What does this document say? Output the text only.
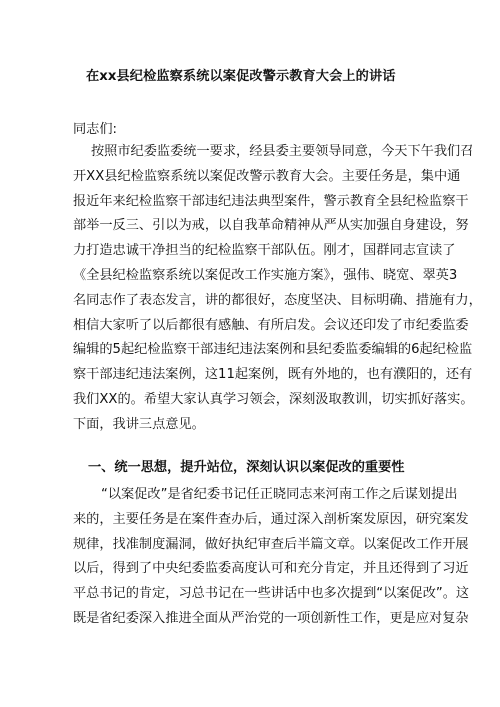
在xx县纪检监察系统以案促改警示教育大会上的讲话
同志们:
按照市纪委监委统一要求，经县委主要领导同意，今天下午我们召
开XX县纪检监察系统以案促改警示教育大会。主要任务是，集中通
报近年来纪检监察干部违纪违法典型案件，警示教育全县纪检监察干
部举一反三、引以为戒，以自我革命精神从严从实加强自身建设，努
力打造忠诚干净担当的纪检监察干部队伍。刚才，国群同志宣读了
《全县纪检监察系统以案促改工作实施方案》，强伟、晓宽、翠英3
名同志作了表态发言，讲的都很好，态度坚决、目标明确、措施有力，
相信大家听了以后都很有感触、有所启发。会议还印发了市纪委监委
编辑的5起纪检监察干部违纪违法案例和县纪委监委编辑的6起纪检监
察干部违纪违法案例，这11起案例，既有外地的，也有濮阳的，还有
我们XX的。希望大家认真学习领会，深刻汲取教训，切实抓好落实。
下面，我讲三点意见。
一、统一思想，提升站位，深刻认识以案促改的重要性
“以案促改”是省纪委书记任正晓同志来河南工作之后谋划提出
来的，主要任务是在案件查办后，通过深入剖析案发原因，研究案发
规律，找准制度漏洞，做好执纪审查后半篇文章。以案促改工作开展
以后，得到了中央纪委监委高度认可和充分肯定，并且还得到了习近
平总书记的肯定，习总书记在一些讲话中也多次提到“以案促改”。这
既是省纪委深入推进全面从严治党的一项创新性工作，更是应对复杂
